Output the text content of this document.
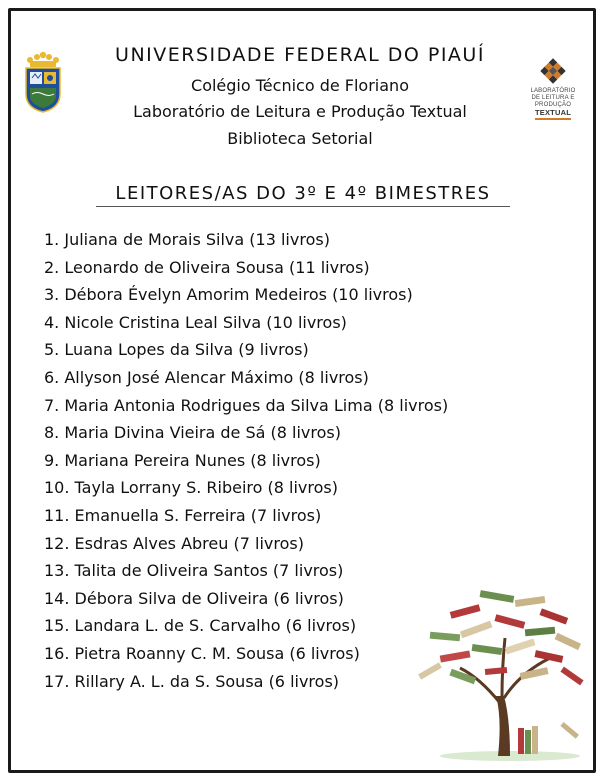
UNIVERSIDADE FEDERAL DO PIAUÍ
Colégio Técnico de Floriano
Laboratório de Leitura e Produção Textual
Biblioteca Setorial
LABORATÓRIO
DE LEITURA E
PRODUÇÃO
TEXTUAL
LEITORES/AS DO 3º E 4º BIMESTRES
1. Juliana de Morais Silva (13 livros)
2. Leonardo de Oliveira Sousa (11 livros)
3. Débora Évelyn Amorim Medeiros (10 livros)
4. Nicole Cristina Leal Silva (10 livros)
5. Luana Lopes da Silva (9 livros)
6. Allyson José Alencar Máximo (8 livros)
7. Maria Antonia Rodrigues da Silva Lima (8 livros)
8. Maria Divina Vieira de Sá (8 livros)
9. Mariana Pereira Nunes (8 livros)
10. Tayla Lorrany S. Ribeiro (8 livros)
11. Emanuella S. Ferreira (7 livros)
12. Esdras Alves Abreu (7 livros)
13. Talita de Oliveira Santos (7 livros)
14. Débora Silva de Oliveira (6 livros)
15. Landara L. de S. Carvalho (6 livros)
16. Pietra Roanny C. M. Sousa (6 livros)
17. Rillary A. L. da S. Sousa (6 livros)
